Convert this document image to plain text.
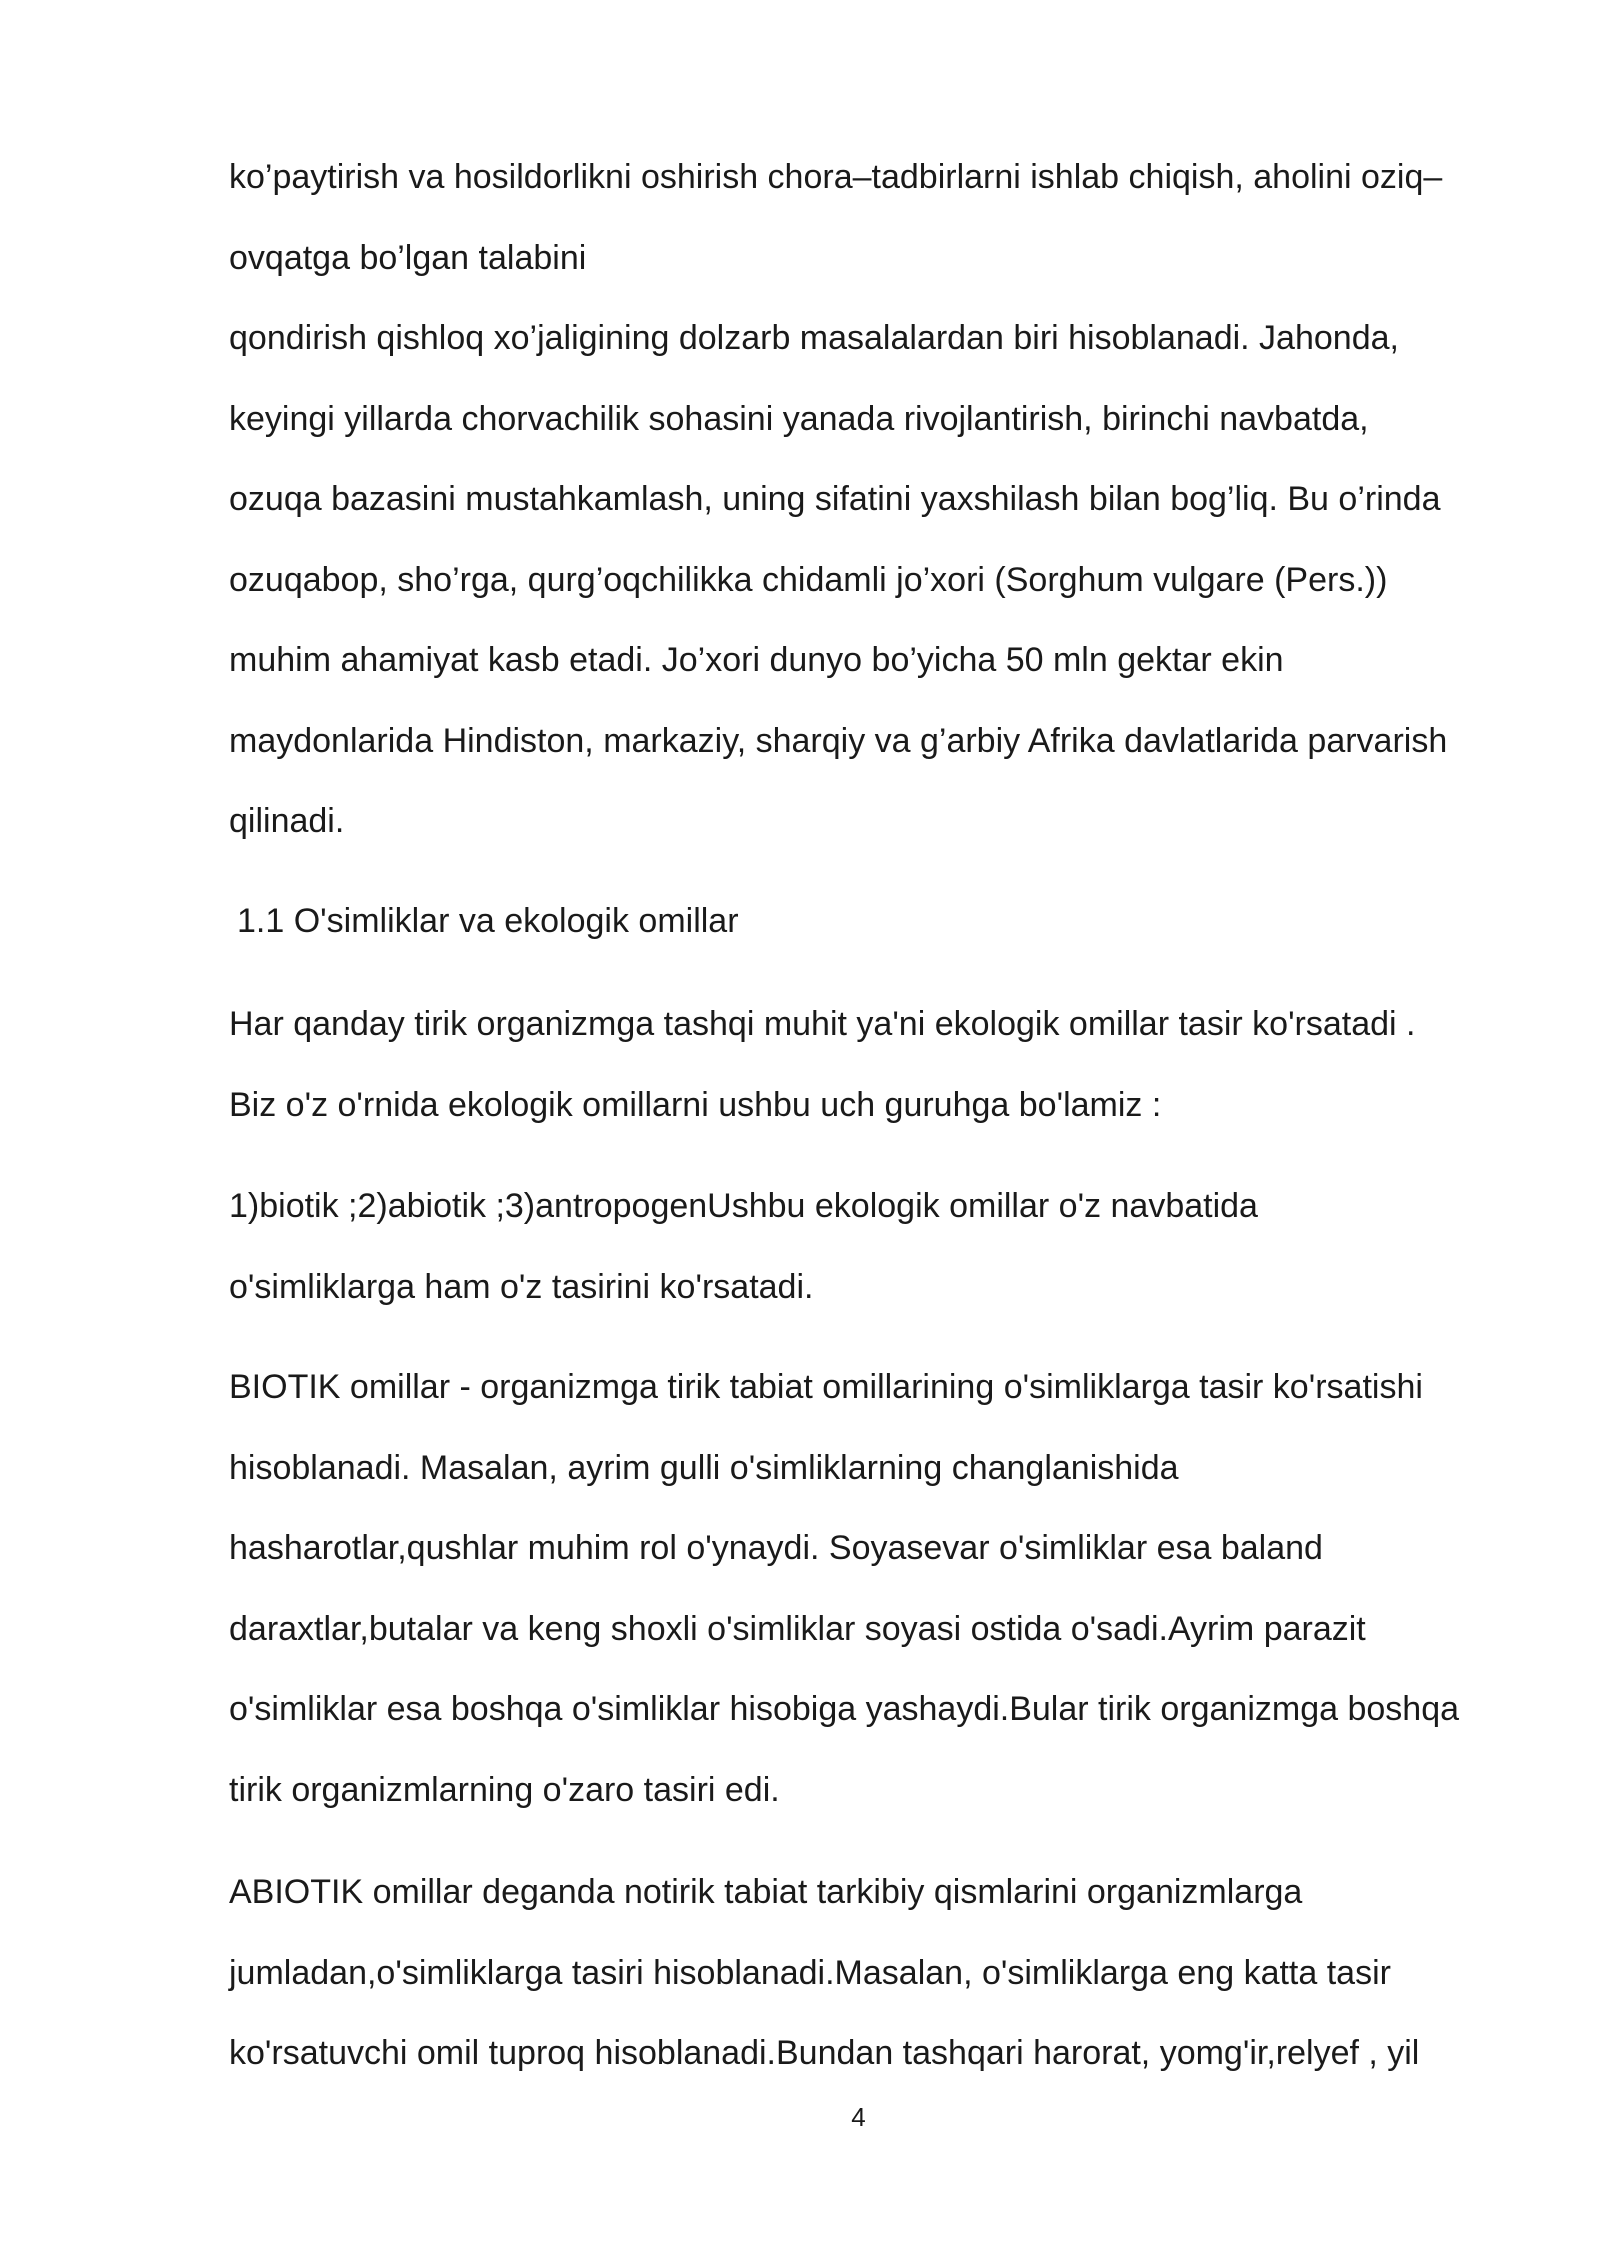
ko’paytirish va hosildorlikni oshirish chora–tadbirlarni ishlab chiqish, aholini oziq–
ovqatga bo’lgan talabini
qondirish qishloq xo’jaligining dolzarb masalalardan biri hisoblanadi. Jahonda,
keyingi yillarda chorvachilik sohasini yanada rivojlantirish, birinchi navbatda,
ozuqa bazasini mustahkamlash, uning sifatini yaxshilash bilan bog’liq. Bu o’rinda
ozuqabop, sho’rga, qurg’oqchilikka chidamli jo’xori (Sorghum vulgare (Pers.))
muhim ahamiyat kasb etadi. Jo’xori dunyo bo’yicha 50 mln gektar ekin
maydonlarida Hindiston, markaziy, sharqiy va g’arbiy Afrika davlatlarida parvarish
qilinadi.
1.1 O'simliklar va ekologik omillar
Har qanday tirik organizmga tashqi muhit ya'ni ekologik omillar tasir ko'rsatadi .
Biz o'z o'rnida ekologik omillarni ushbu uch guruhga bo'lamiz :
1)biotik ;2)abiotik ;3)antropogenUshbu ekologik omillar o'z navbatida
o'simliklarga ham o'z tasirini ko'rsatadi.
BIOTIK omillar - organizmga tirik tabiat omillarining o'simliklarga tasir ko'rsatishi
hisoblanadi. Masalan, ayrim gulli o'simliklarning changlanishida
hasharotlar,qushlar muhim rol o'ynaydi. Soyasevar o'simliklar esa baland
daraxtlar,butalar va keng shoxli o'simliklar soyasi ostida o'sadi.Ayrim parazit
o'simliklar esa boshqa o'simliklar hisobiga yashaydi.Bular tirik organizmga boshqa
tirik organizmlarning o'zaro tasiri edi.
ABIOTIK omillar deganda notirik tabiat tarkibiy qismlarini organizmlarga
jumladan,o'simliklarga tasiri hisoblanadi.Masalan, o'simliklarga eng katta tasir
ko'rsatuvchi omil tuproq hisoblanadi.Bundan tashqari harorat, yomg'ir,relyef , yil
4
